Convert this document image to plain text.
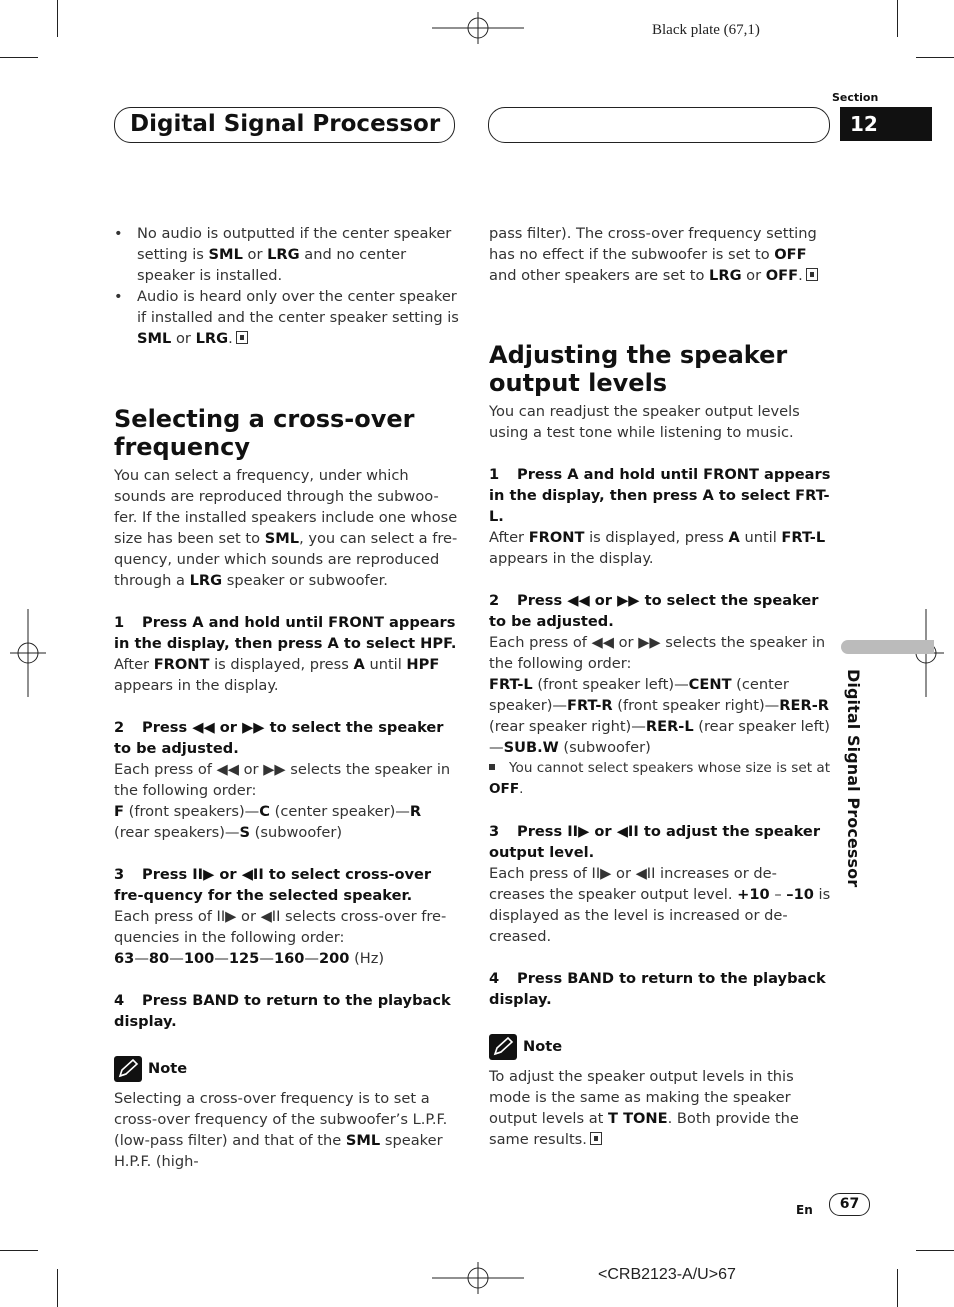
Black plate (67,1)
Digital Signal Processor
Section
12
Digital Signal Processor

• No audio is outputted if the center speaker setting is SML or LRG and no center speaker is installed.

• Audio is heard only over the center speaker if installed and the center speaker setting is SML or LRG.

Selecting a cross-over frequency

You can select a frequency, under which sounds are reproduced through the subwoo-fer. If the installed speakers include one whose size has been set to SML, you can select a fre-quency, under which sounds are reproduced through a LRG speaker or subwoofer.

1 Press A and hold until FRONT appears in the display, then press A to select HPF.

After FRONT is displayed, press A until HPF appears in the display.

2 Press ◀◀ or ▶▶ to select the speaker to be adjusted.

Each press of ◀◀ or ▶▶ selects the speaker in the following order:

F (front speakers)—C (center speaker)—R (rear speakers)—S (subwoofer)

3 Press II▶ or ◀II to select cross-over fre-quency for the selected speaker.

Each press of II▶ or ◀II selects cross-over fre-quencies in the following order:

63—80—100—125—160—200 (Hz)

4 Press BAND to return to the playback display.

Note

Selecting a cross-over frequency is to set a cross-over frequency of the subwoofer’s L.P.F. (low-pass filter) and that of the SML speaker H.P.F. (high-

pass filter). The cross-over frequency setting has no effect if the subwoofer is set to OFF and other speakers are set to LRG or OFF.

Adjusting the speaker output levels

You can readjust the speaker output levels using a test tone while listening to music.

1 Press A and hold until FRONT appears in the display, then press A to select FRT-L.

After FRONT is displayed, press A until FRT-L appears in the display.

2 Press ◀◀ or ▶▶ to select the speaker to be adjusted.

Each press of ◀◀ or ▶▶ selects the speaker in the following order:

FRT-L (front speaker left)—CENT (center speaker)—FRT-R (front speaker right)—RER-R (rear speaker right)—RER-L (rear speaker left)—SUB.W (subwoofer)

You cannot select speakers whose size is set at OFF.

3 Press II▶ or ◀II to adjust the speaker output level.

Each press of II▶ or ◀II increases or de-creases the speaker output level. +10 – –10 is displayed as the level is increased or de-creased.

4 Press BAND to return to the playback display.

Note

To adjust the speaker output levels in this mode is the same as making the speaker output levels at T TONE. Both provide the same results.

En	67
<CRB2123-A/U>67
